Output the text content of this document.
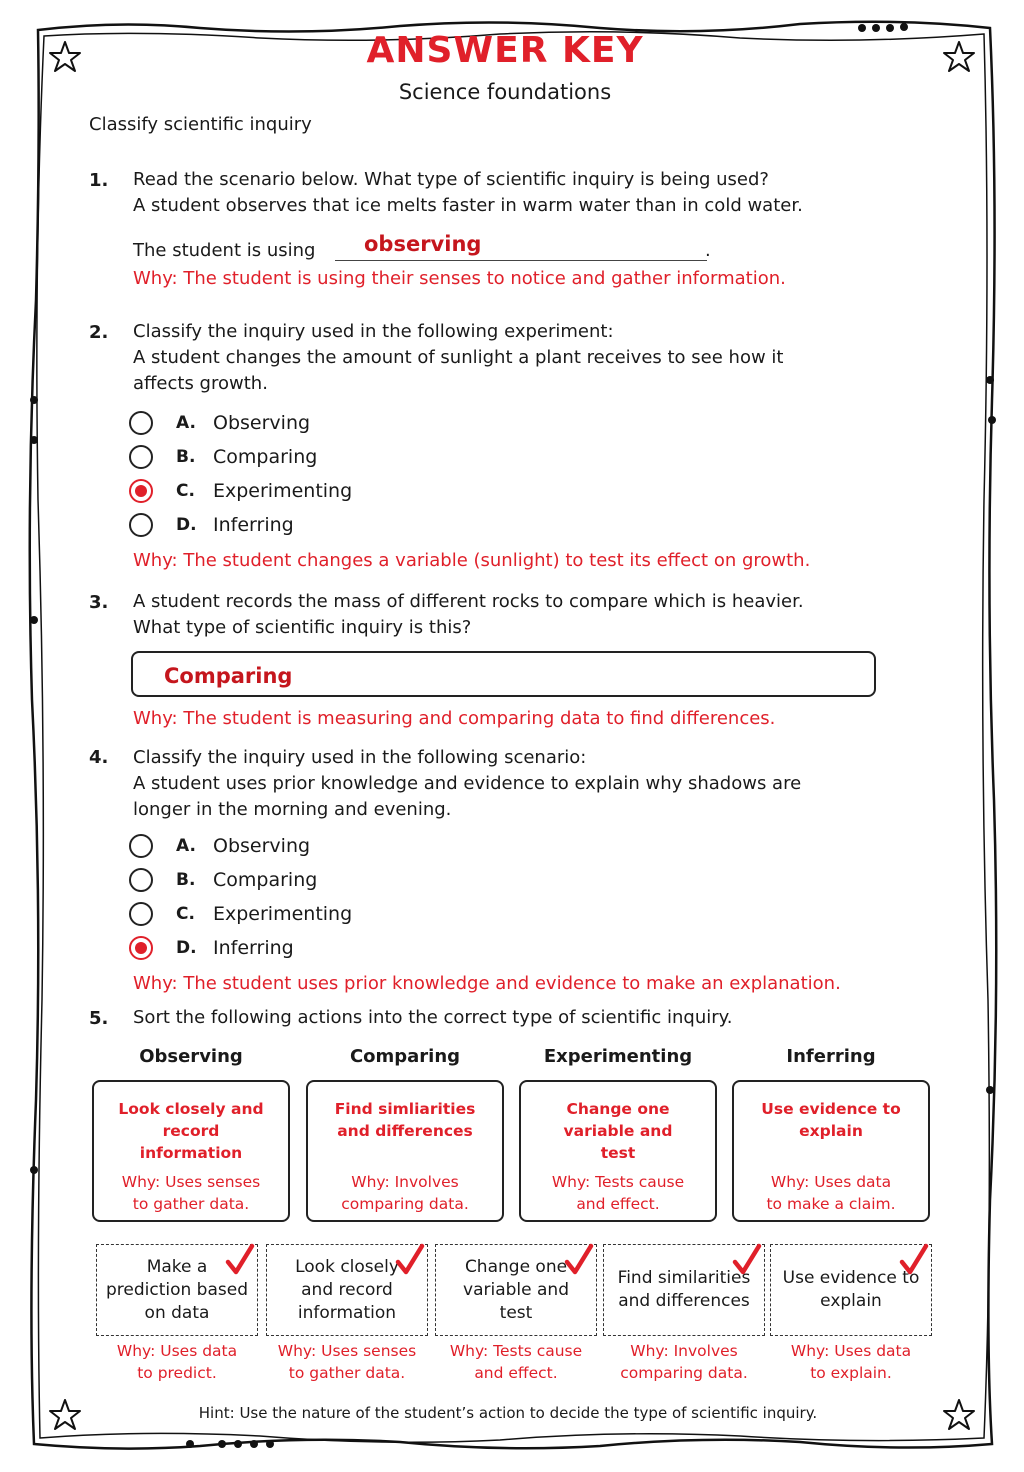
ANSWER KEY
Science foundations
Classify scientific inquiry
1. Read the scenario below. What type of scientific inquiry is being used?
A student observes that ice melts faster in warm water than in cold water.
The student is using observing	.
Why: The student is using their senses to notice and gather information.
2. Classify the inquiry used in the following experiment:
A student changes the amount of sunlight a plant receives to see how it
affects growth.
A. Observing
B. Comparing
C. Experimenting
D. Inferring
Why: The student changes a variable (sunlight) to test its effect on growth.
3. A student records the mass of different rocks to compare which is heavier.
What type of scientific inquiry is this?
Comparing
Why: The student is measuring and comparing data to find differences.
4. Classify the inquiry used in the following scenario:
A student uses prior knowledge and evidence to explain why shadows are
longer in the morning and evening.
A. Observing
B. Comparing
C. Experimenting
D. Inferring
Why: The student uses prior knowledge and evidence to make an explanation.
5. Sort the following actions into the correct type of scientific inquiry.
Observing	Comparing	Experimenting	Inferring
Look closely and
record
information
Why: Uses senses
to gather data.
Find simliarities
and differences
Why: Involves
comparing data.
Change one
variable and
test
Why: Tests cause
and effect.
Use evidence to
explain
Why: Uses data
to make a claim.
Make a
prediction based
on data
Look closely
and record
information
Change one
variable and
test
Find similarities
and differences
Use evidence to
explain
Why: Uses data
to predict.
Why: Uses senses
to gather data.
Why: Tests cause
and effect.
Why: Involves
comparing data.
Why: Uses data
to explain.
Hint: Use the nature of the student’s action to decide the type of scientific inquiry.
